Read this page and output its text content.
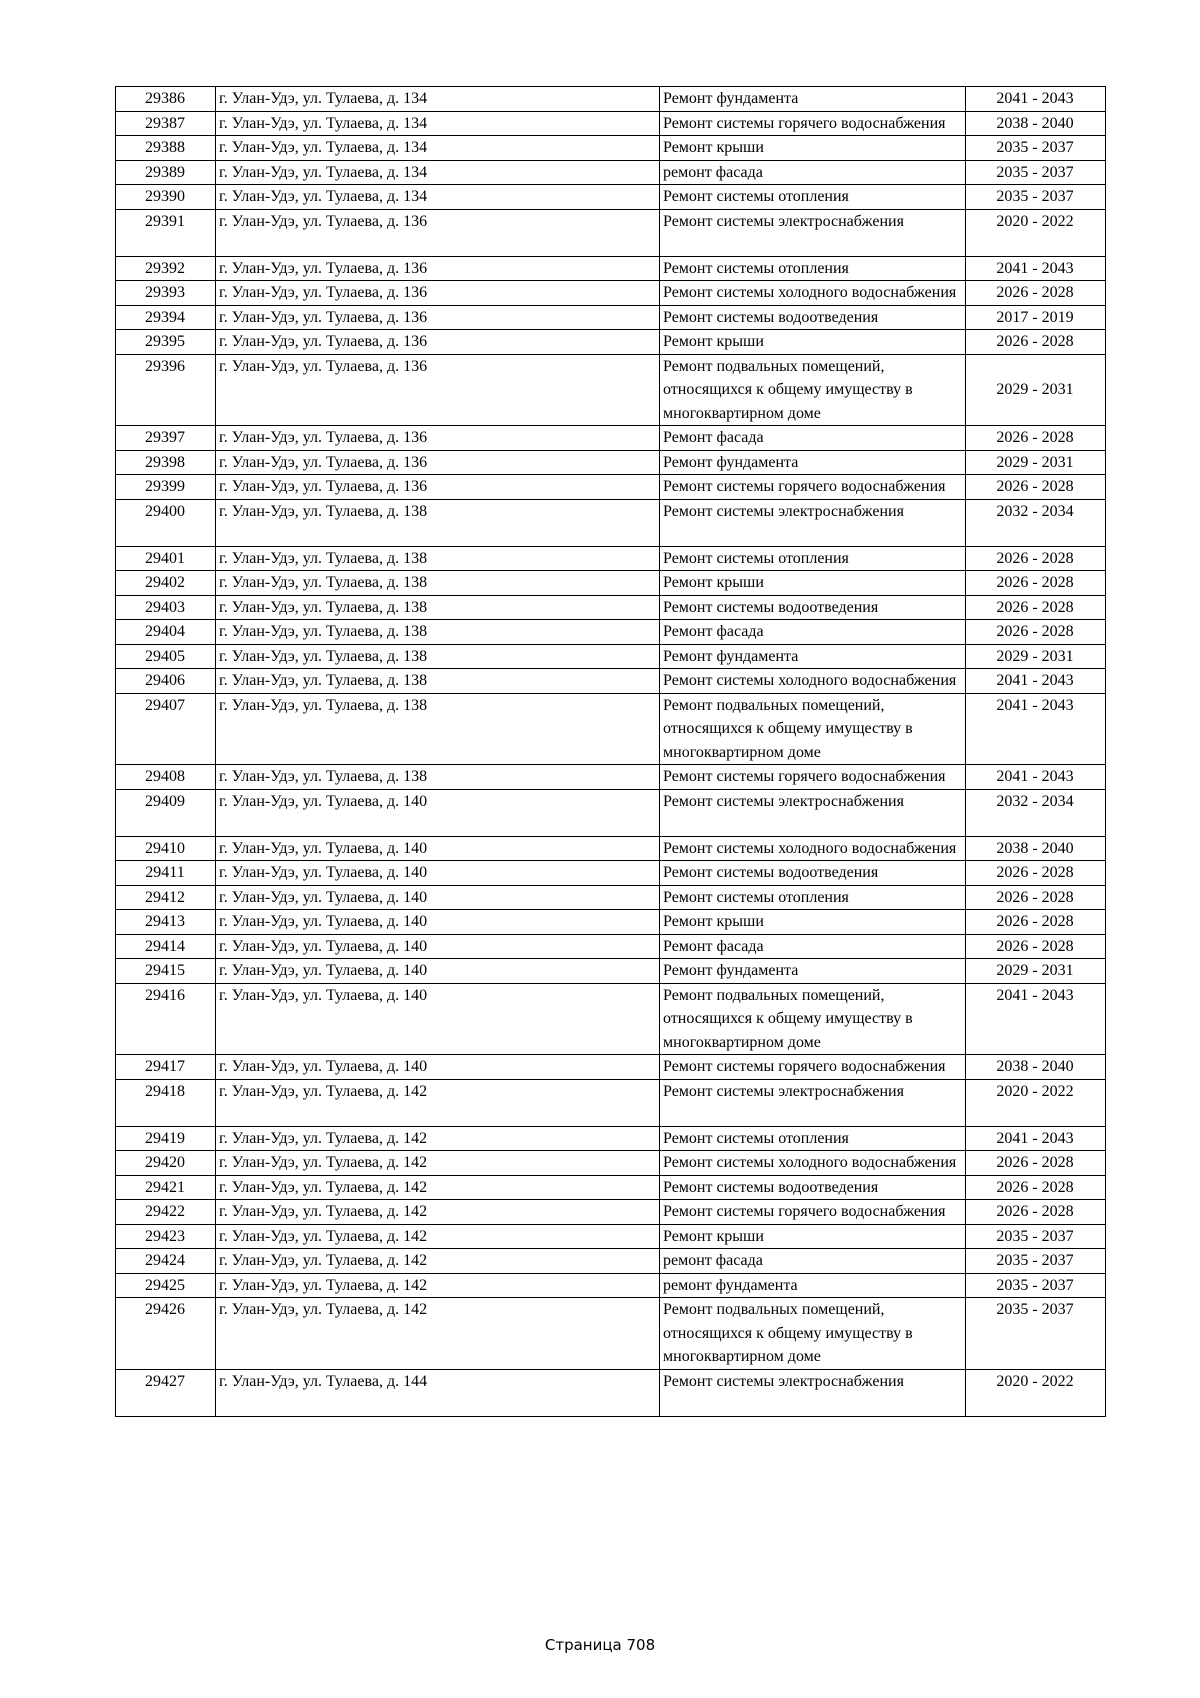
29386	г. Улан-Удэ, ул. Тулаева, д. 134	Ремонт фундамента	2041 - 2043
29387	г. Улан-Удэ, ул. Тулаева, д. 134	Ремонт системы горячего водоснабжения	2038 - 2040
29388	г. Улан-Удэ, ул. Тулаева, д. 134	Ремонт крыши	2035 - 2037
29389	г. Улан-Удэ, ул. Тулаева, д. 134	ремонт фасада	2035 - 2037
29390	г. Улан-Удэ, ул. Тулаева, д. 134	Ремонт системы отопления	2035 - 2037
29391	г. Улан-Удэ, ул. Тулаева, д. 136	Ремонт системы электроснабжения	2020 - 2022
29392	г. Улан-Удэ, ул. Тулаева, д. 136	Ремонт системы отопления	2041 - 2043
29393	г. Улан-Удэ, ул. Тулаева, д. 136	Ремонт системы холодного водоснабжения	2026 - 2028
29394	г. Улан-Удэ, ул. Тулаева, д. 136	Ремонт системы водоотведения	2017 - 2019
29395	г. Улан-Удэ, ул. Тулаева, д. 136	Ремонт крыши	2026 - 2028
29396	г. Улан-Удэ, ул. Тулаева, д. 136	Ремонт подвальных помещений, относящихся к общему имуществу в многоквартирном доме	2029 - 2031
29397	г. Улан-Удэ, ул. Тулаева, д. 136	Ремонт фасада	2026 - 2028
29398	г. Улан-Удэ, ул. Тулаева, д. 136	Ремонт фундамента	2029 - 2031
29399	г. Улан-Удэ, ул. Тулаева, д. 136	Ремонт системы горячего водоснабжения	2026 - 2028
29400	г. Улан-Удэ, ул. Тулаева, д. 138	Ремонт системы электроснабжения	2032 - 2034
29401	г. Улан-Удэ, ул. Тулаева, д. 138	Ремонт системы отопления	2026 - 2028
29402	г. Улан-Удэ, ул. Тулаева, д. 138	Ремонт крыши	2026 - 2028
29403	г. Улан-Удэ, ул. Тулаева, д. 138	Ремонт системы водоотведения	2026 - 2028
29404	г. Улан-Удэ, ул. Тулаева, д. 138	Ремонт фасада	2026 - 2028
29405	г. Улан-Удэ, ул. Тулаева, д. 138	Ремонт фундамента	2029 - 2031
29406	г. Улан-Удэ, ул. Тулаева, д. 138	Ремонт системы холодного водоснабжения	2041 - 2043
29407	г. Улан-Удэ, ул. Тулаева, д. 138	Ремонт подвальных помещений, относящихся к общему имуществу в многоквартирном доме	2041 - 2043
29408	г. Улан-Удэ, ул. Тулаева, д. 138	Ремонт системы горячего водоснабжения	2041 - 2043
29409	г. Улан-Удэ, ул. Тулаева, д. 140	Ремонт системы электроснабжения	2032 - 2034
29410	г. Улан-Удэ, ул. Тулаева, д. 140	Ремонт системы холодного водоснабжения	2038 - 2040
29411	г. Улан-Удэ, ул. Тулаева, д. 140	Ремонт системы водоотведения	2026 - 2028
29412	г. Улан-Удэ, ул. Тулаева, д. 140	Ремонт системы отопления	2026 - 2028
29413	г. Улан-Удэ, ул. Тулаева, д. 140	Ремонт крыши	2026 - 2028
29414	г. Улан-Удэ, ул. Тулаева, д. 140	Ремонт фасада	2026 - 2028
29415	г. Улан-Удэ, ул. Тулаева, д. 140	Ремонт фундамента	2029 - 2031
29416	г. Улан-Удэ, ул. Тулаева, д. 140	Ремонт подвальных помещений, относящихся к общему имуществу в многоквартирном доме	2041 - 2043
29417	г. Улан-Удэ, ул. Тулаева, д. 140	Ремонт системы горячего водоснабжения	2038 - 2040
29418	г. Улан-Удэ, ул. Тулаева, д. 142	Ремонт системы электроснабжения	2020 - 2022
29419	г. Улан-Удэ, ул. Тулаева, д. 142	Ремонт системы отопления	2041 - 2043
29420	г. Улан-Удэ, ул. Тулаева, д. 142	Ремонт системы холодного водоснабжения	2026 - 2028
29421	г. Улан-Удэ, ул. Тулаева, д. 142	Ремонт системы водоотведения	2026 - 2028
29422	г. Улан-Удэ, ул. Тулаева, д. 142	Ремонт системы горячего водоснабжения	2026 - 2028
29423	г. Улан-Удэ, ул. Тулаева, д. 142	Ремонт крыши	2035 - 2037
29424	г. Улан-Удэ, ул. Тулаева, д. 142	ремонт фасада	2035 - 2037
29425	г. Улан-Удэ, ул. Тулаева, д. 142	ремонт фундамента	2035 - 2037
29426	г. Улан-Удэ, ул. Тулаева, д. 142	Ремонт подвальных помещений, относящихся к общему имуществу в многоквартирном доме	2035 - 2037
29427	г. Улан-Удэ, ул. Тулаева, д. 144	Ремонт системы электроснабжения	2020 - 2022
Страница 708
